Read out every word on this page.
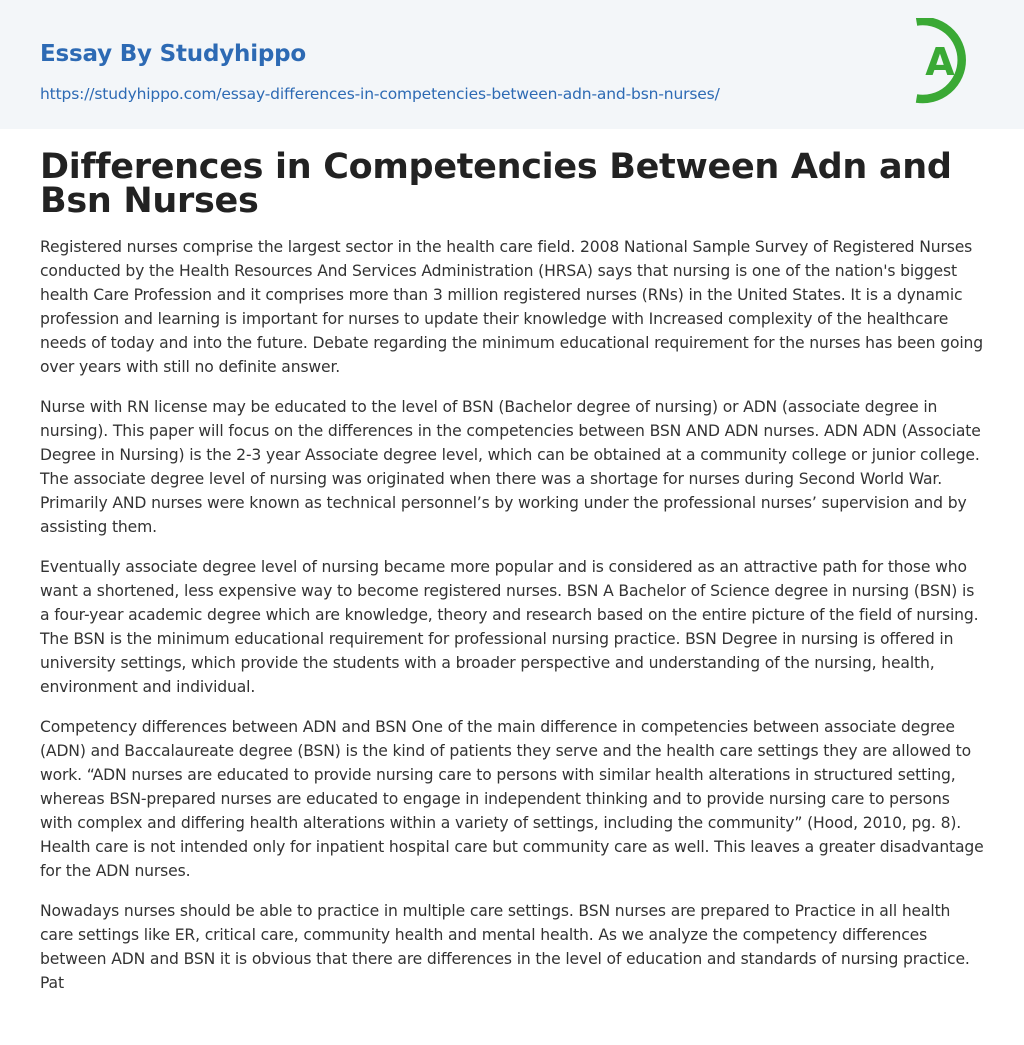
Essay By Studyhippo
https://studyhippo.com/essay-differences-in-competencies-between-adn-and-bsn-nurses/
A
Differences in Competencies Between Adn and Bsn Nurses

Registered nurses comprise the largest sector in the health care field. 2008 National Sample Survey of Registered Nurses conducted by the Health Resources And Services Administration (HRSA) says that nursing is one of the nation's biggest health Care Profession and it comprises more than 3 million registered nurses (RNs) in the United States. It is a dynamic profession and learning is important for nurses to update their knowledge with Increased complexity of the healthcare needs of today and into the future. Debate regarding the minimum educational requirement for the nurses has been going over years with still no definite answer.

Nurse with RN license may be educated to the level of BSN (Bachelor degree of nursing) or ADN (associate degree in nursing). This paper will focus on the differences in the competencies between BSN AND ADN nurses. ADN ADN (Associate Degree in Nursing) is the 2-3 year Associate degree level, which can be obtained at a community college or junior college. The associate degree level of nursing was originated when there was a shortage for nurses during Second World War. Primarily AND nurses were known as technical personnel’s by working under the professional nurses’ supervision and by assisting them.

Eventually associate degree level of nursing became more popular and is considered as an attractive path for those who want a shortened, less expensive way to become registered nurses. BSN A Bachelor of Science degree in nursing (BSN) is a four-year academic degree which are knowledge, theory and research based on the entire picture of the field of nursing. The BSN is the minimum educational requirement for professional nursing practice. BSN Degree in nursing is offered in university settings, which provide the students with a broader perspective and understanding of the nursing, health, environment and individual.

Competency differences between ADN and BSN One of the main difference in competencies between associate degree (ADN) and Baccalaureate degree (BSN) is the kind of patients they serve and the health care settings they are allowed to work. “ADN nurses are educated to provide nursing care to persons with similar health alterations in structured setting, whereas BSN-prepared nurses are educated to engage in independent thinking and to provide nursing care to persons with complex and differing health alterations within a variety of settings, including the community” (Hood, 2010, pg. 8). Health care is not intended only for inpatient hospital care but community care as well. This leaves a greater disadvantage for the ADN nurses.

Nowadays nurses should be able to practice in multiple care settings. BSN nurses are prepared to Practice in all health care settings like ER, critical care, community health and mental health. As we analyze the competency differences between ADN and BSN it is obvious that there are differences in the level of education and standards of nursing practice. Pat
